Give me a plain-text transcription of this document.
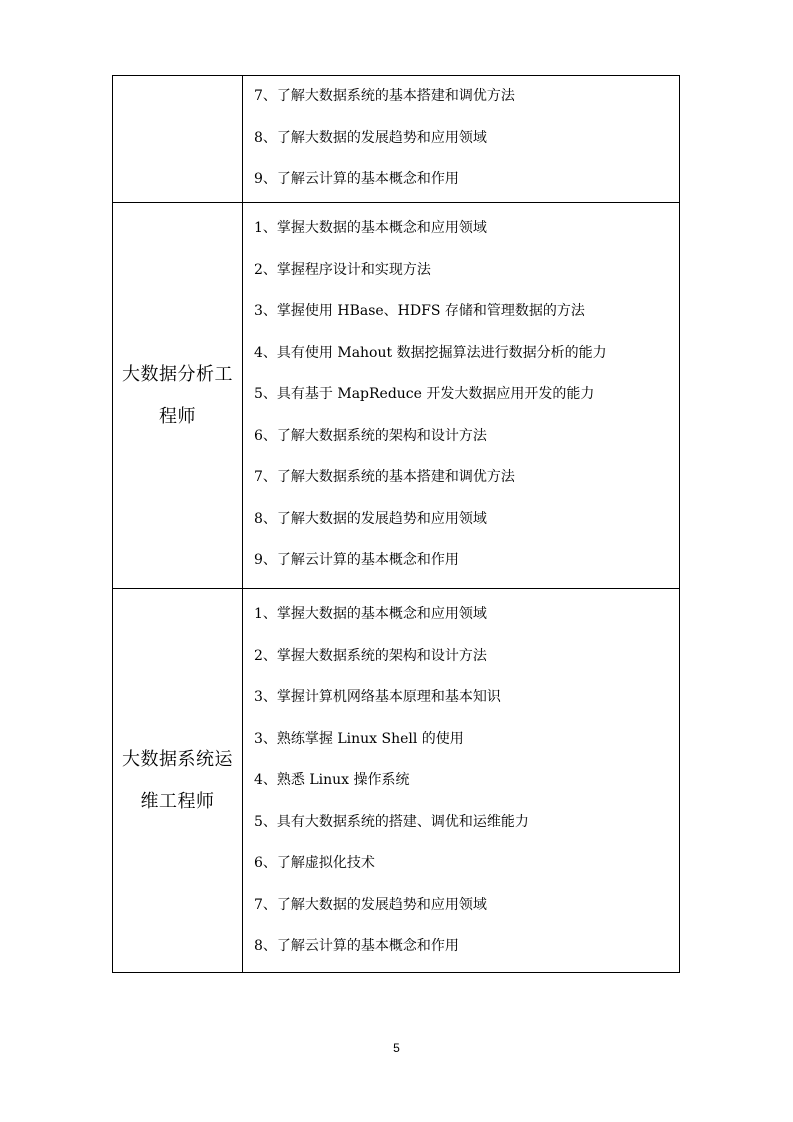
7、了解大数据系统的基本搭建和调优方法
8、了解大数据的发展趋势和应用领域
9、了解云计算的基本概念和作用
大数据分析工程师
1、掌握大数据的基本概念和应用领域
2、掌握程序设计和实现方法
3、掌握使用 HBase、HDFS 存储和管理数据的方法
4、具有使用 Mahout 数据挖掘算法进行数据分析的能力
5、具有基于 MapReduce 开发大数据应用开发的能力
6、了解大数据系统的架构和设计方法
7、了解大数据系统的基本搭建和调优方法
8、了解大数据的发展趋势和应用领域
9、了解云计算的基本概念和作用
大数据系统运维工程师
1、掌握大数据的基本概念和应用领域
2、掌握大数据系统的架构和设计方法
3、掌握计算机网络基本原理和基本知识
3、熟练掌握 Linux Shell 的使用
4、熟悉 Linux 操作系统
5、具有大数据系统的搭建、调优和运维能力
6、了解虚拟化技术
7、了解大数据的发展趋势和应用领域
8、了解云计算的基本概念和作用
5
